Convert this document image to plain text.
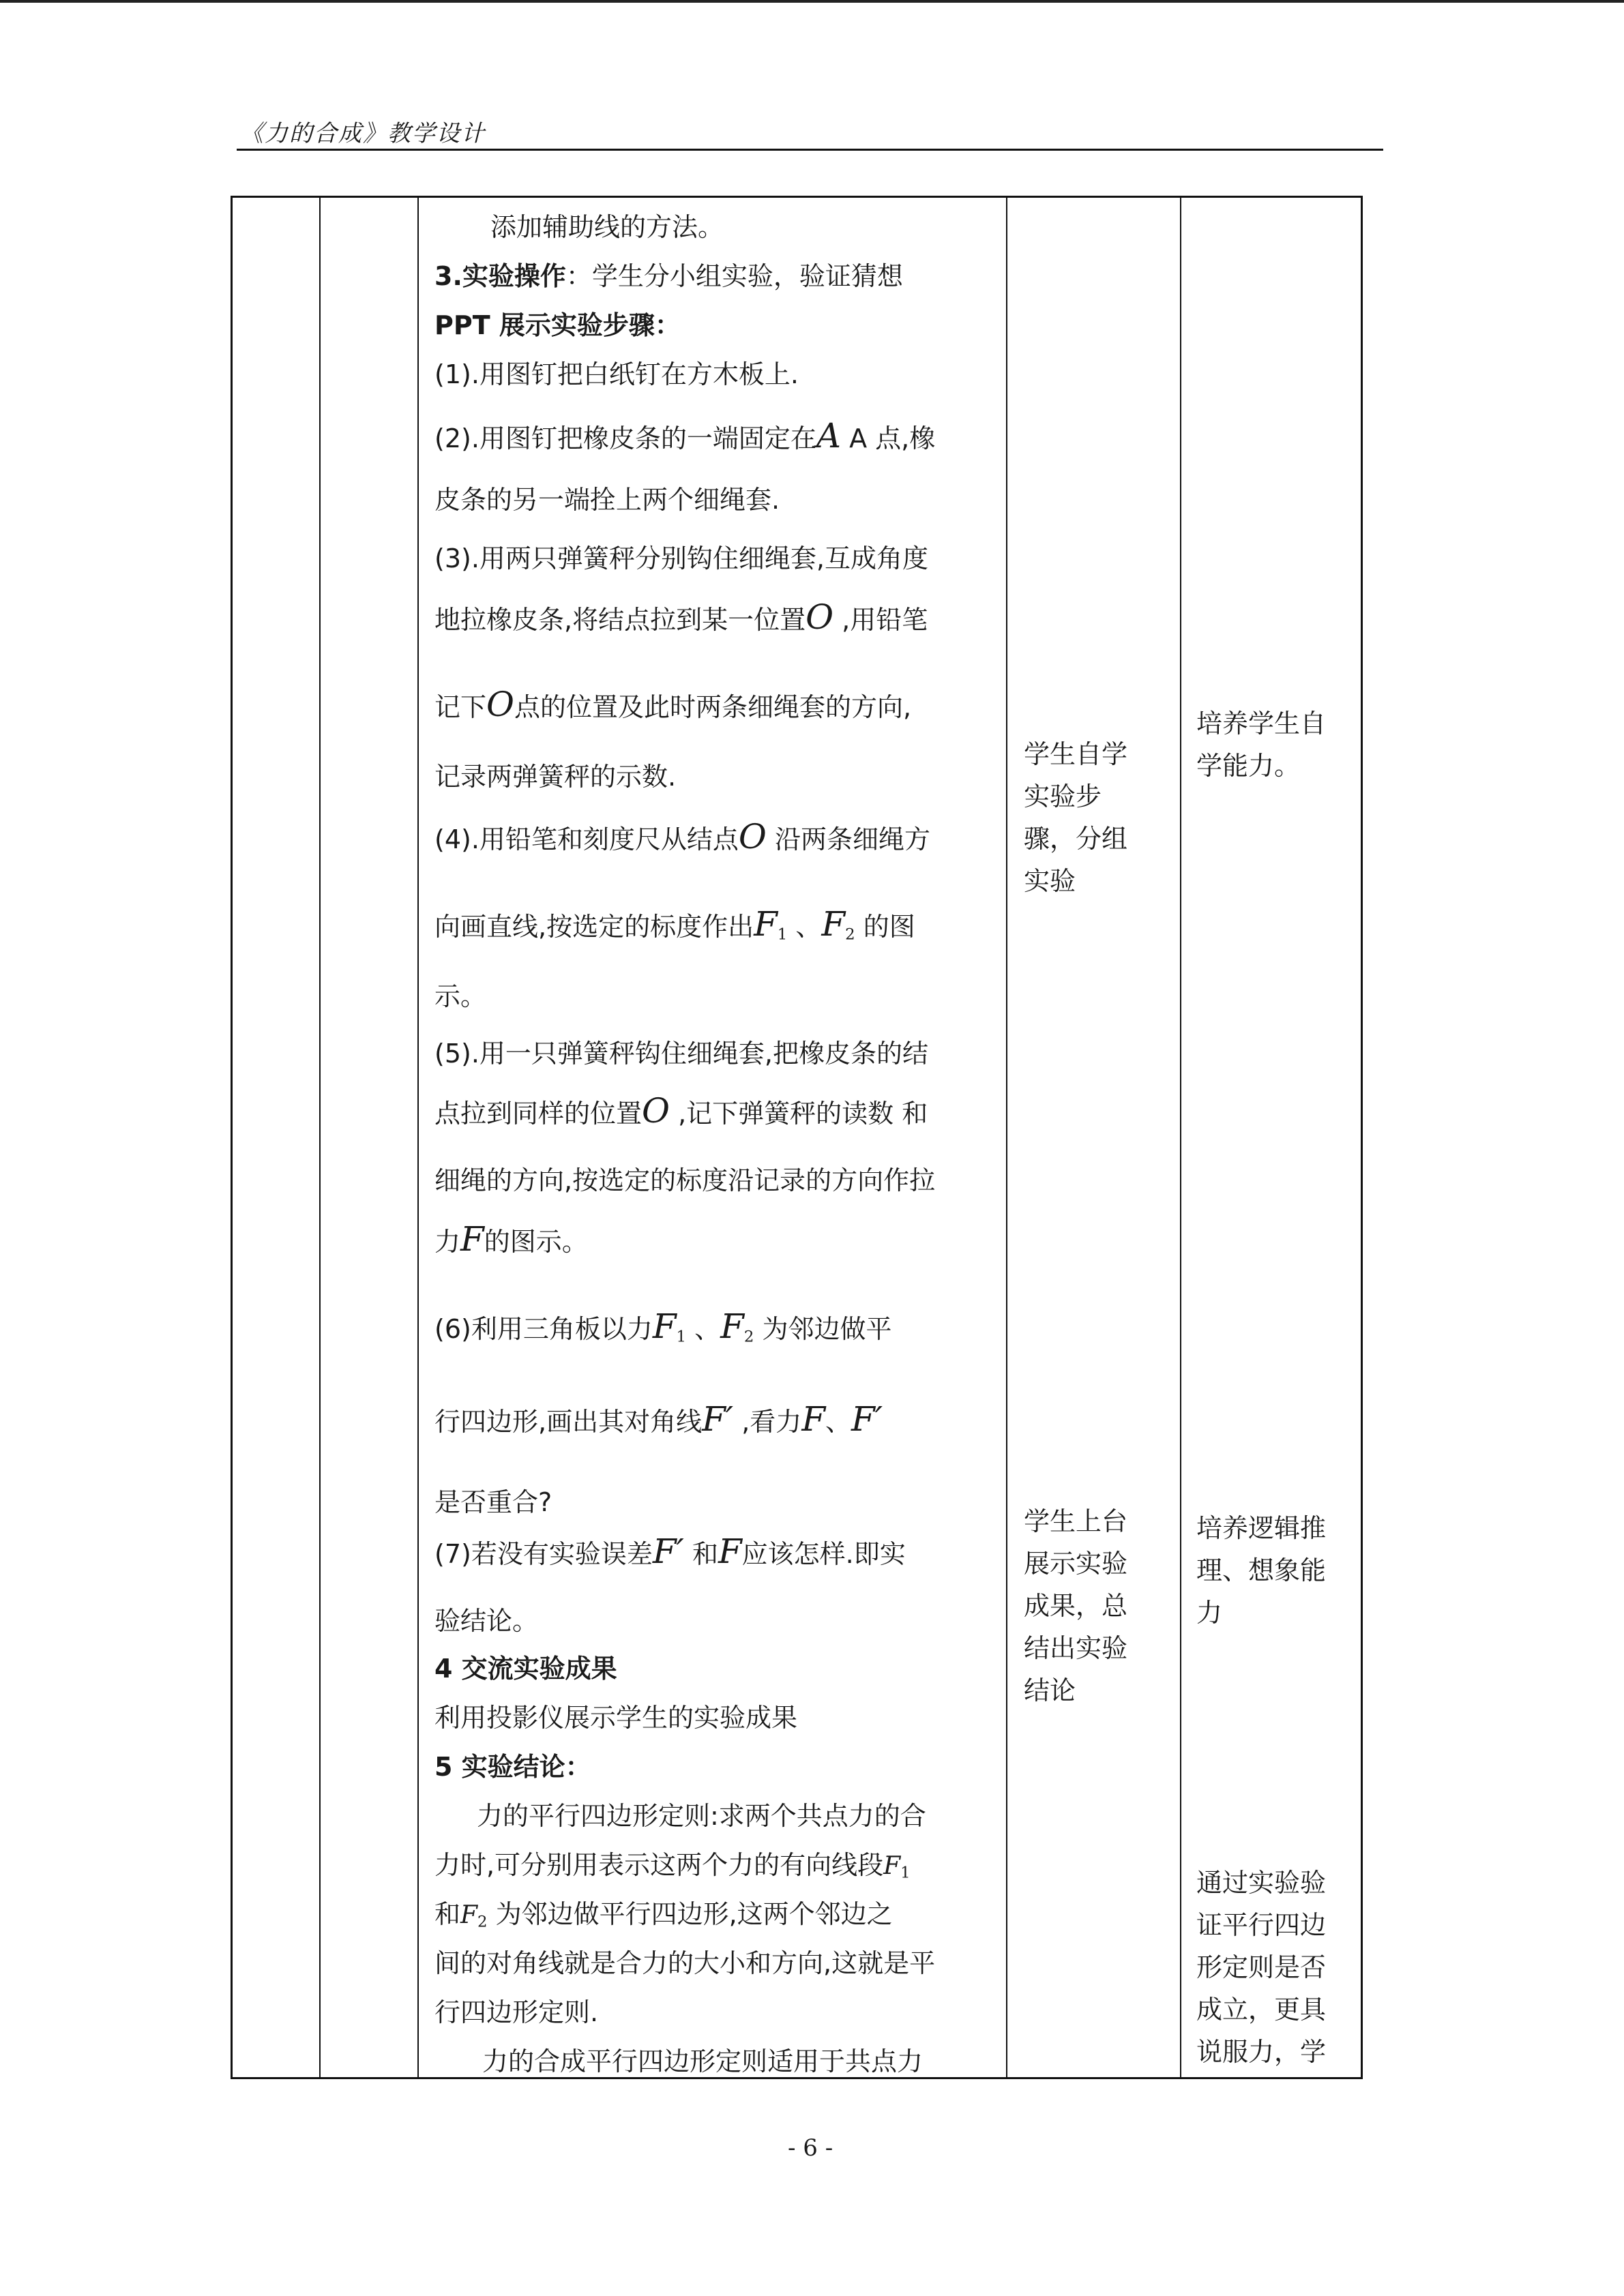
《力的合成》教学设计
添加辅助线的方法。
3.实验操作：学生分小组实验，验证猜想
PPT 展示实验步骤：
(1).用图钉把白纸钉在方木板上.
(2).用图钉把橡皮条的一端固定在A A 点,橡
皮条的另一端拴上两个细绳套.
(3).用两只弹簧秤分别钩住细绳套,互成角度
地拉橡皮条,将结点拉到某一位置O ,用铅笔
记下O点的位置及此时两条细绳套的方向,
记录两弹簧秤的示数.
(4).用铅笔和刻度尺从结点O 沿两条细绳方
向画直线,按选定的标度作出$F_1$ 、$F_2$ 的图
示。
(5).用一只弹簧秤钩住细绳套,把橡皮条的结
点拉到同样的位置O ,记下弹簧秤的读数 和
细绳的方向,按选定的标度沿记录的方向作拉
力F的图示。
(6)利用三角板以力$F_1$ 、$F_2$ 为邻边做平
行四边形,画出其对角线F′ ,看力F、F′
是否重合?
(7)若没有实验误差F′ 和F应该怎样.即实
验结论。
4 交流实验成果
利用投影仪展示学生的实验成果
5 实验结论：
力的平行四边形定则:求两个共点力的合
力时,可分别用表示这两个力的有向线段$F_1$
和$F_2$ 为邻边做平行四边形,这两个邻边之
间的对角线就是合力的大小和方向,这就是平
行四边形定则.
力的合成平行四边形定则适用于共点力
学生自学
实验步
骤，分组
实验
学生上台
展示实验
成果，总
结出实验
结论
培养学生自
学能力。
培养逻辑推
理、想象能
力
通过实验验
证平行四边
形定则是否
成立，更具
说服力，学
- 6 -
